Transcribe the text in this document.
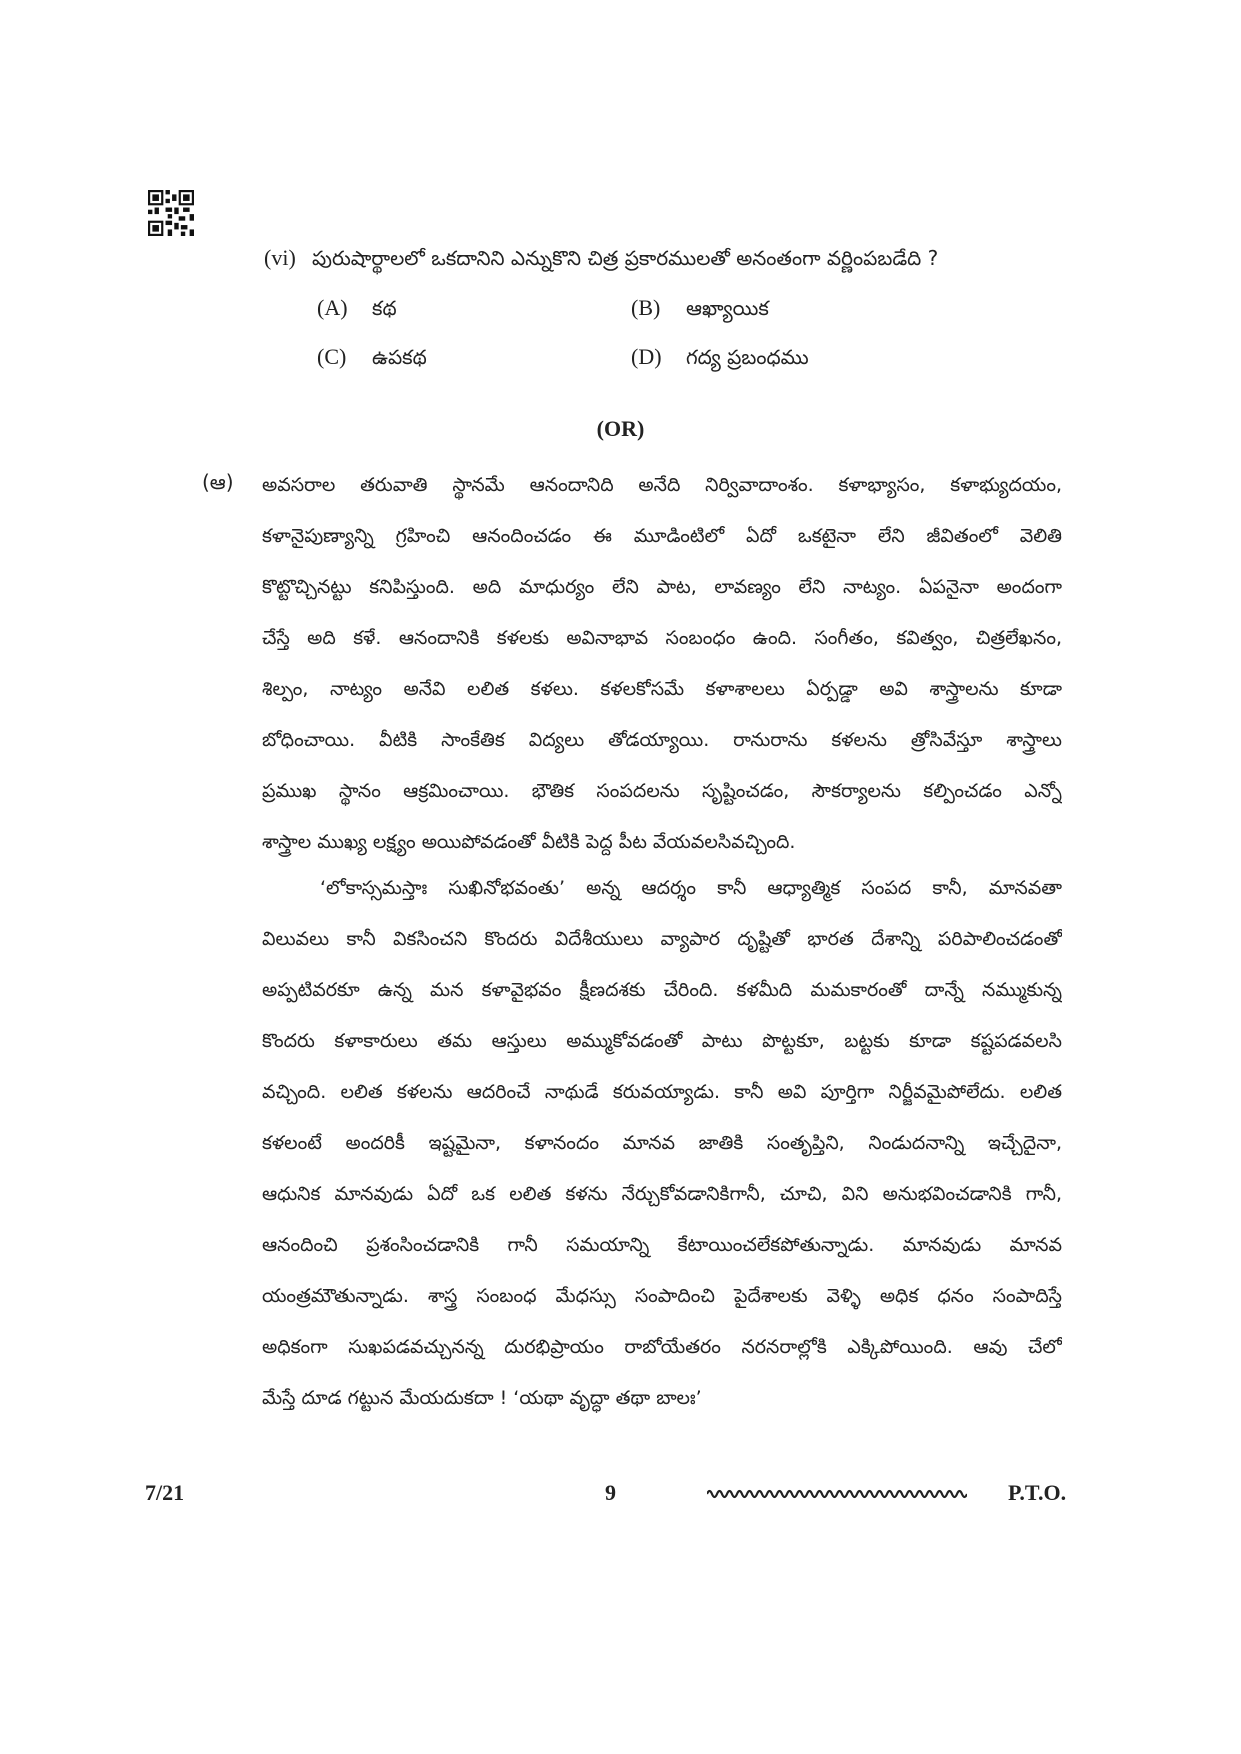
(vi) పురుషార్థాలలో ఒకదానిని ఎన్నుకొని చిత్ర ప్రకారములతో అనంతంగా వర్ణింపబడేది ?
(A) కథ	(B) ఆఖ్యాయిక
(C) ఉపకథ	(D) గద్య ప్రబంధము
(OR)
(ఆ) అవసరాల తరువాతి స్థానమే ఆనందానిది అనేది నిర్వివాదాంశం. కళాభ్యాసం, కళాభ్యుదయం,
కళానైపుణ్యాన్ని గ్రహించి ఆనందించడం ఈ మూడింటిలో ఏదో ఒకటైనా లేని జీవితంలో వెలితి
కొట్టొచ్చినట్టు కనిపిస్తుంది. అది మాధుర్యం లేని పాట, లావణ్యం లేని నాట్యం. ఏపనైనా అందంగా
చేస్తే అది కళే. ఆనందానికి కళలకు అవినాభావ సంబంధం ఉంది. సంగీతం, కవిత్వం, చిత్రలేఖనం,
శిల్పం, నాట్యం అనేవి లలిత కళలు. కళలకోసమే కళాశాలలు ఏర్పడ్డా అవి శాస్త్రాలను కూడా
బోధించాయి. వీటికి సాంకేతిక విద్యలు తోడయ్యాయి. రానురాను కళలను త్రోసివేస్తూ శాస్త్రాలు
ప్రముఖ స్థానం ఆక్రమించాయి. భౌతిక సంపదలను సృష్టించడం, సౌకర్యాలను కల్పించడం ఎన్నో
శాస్త్రాల ముఖ్య లక్ష్యం అయిపోవడంతో వీటికి పెద్ద పీట వేయవలసివచ్చింది.
‘లోకాస్సమస్తాః సుఖినోభవంతు’ అన్న ఆదర్శం కానీ ఆధ్యాత్మిక సంపద కానీ, మానవతా
విలువలు కానీ వికసించని కొందరు విదేశీయులు వ్యాపార దృష్టితో భారత దేశాన్ని పరిపాలించడంతో
అప్పటివరకూ ఉన్న మన కళావైభవం క్షీణదశకు చేరింది. కళమీది మమకారంతో దాన్నే నమ్ముకున్న
కొందరు కళాకారులు తమ ఆస్తులు అమ్ముకోవడంతో పాటు పొట్టకూ, బట్టకు కూడా కష్టపడవలసి
వచ్చింది. లలిత కళలను ఆదరించే నాథుడే కరువయ్యాడు. కానీ అవి పూర్తిగా నిర్జీవమైపోలేదు. లలిత
కళలంటే అందరికీ ఇష్టమైనా, కళానందం మానవ జాతికి సంతృప్తిని, నిండుదనాన్ని ఇచ్చేదైనా,
ఆధునిక మానవుడు ఏదో ఒక లలిత కళను నేర్చుకోవడానికిగానీ, చూచి, విని అనుభవించడానికి గానీ,
ఆనందించి ప్రశంసించడానికి గానీ సమయాన్ని కేటాయించలేకపోతున్నాడు. మానవుడు మానవ
యంత్రమౌతున్నాడు. శాస్త్ర సంబంధ మేధస్సు సంపాదించి పైదేశాలకు వెళ్ళి అధిక ధనం సంపాదిస్తే
అధికంగా సుఖపడవచ్చునన్న దురభిప్రాయం రాబోయేతరం నరనరాల్లోకి ఎక్కిపోయింది. ఆవు చేలో
మేస్తే దూడ గట్టున మేయదుకదా ! ‘యథా వృద్ధా తథా బాలః’
7/21	9	P.T.O.
